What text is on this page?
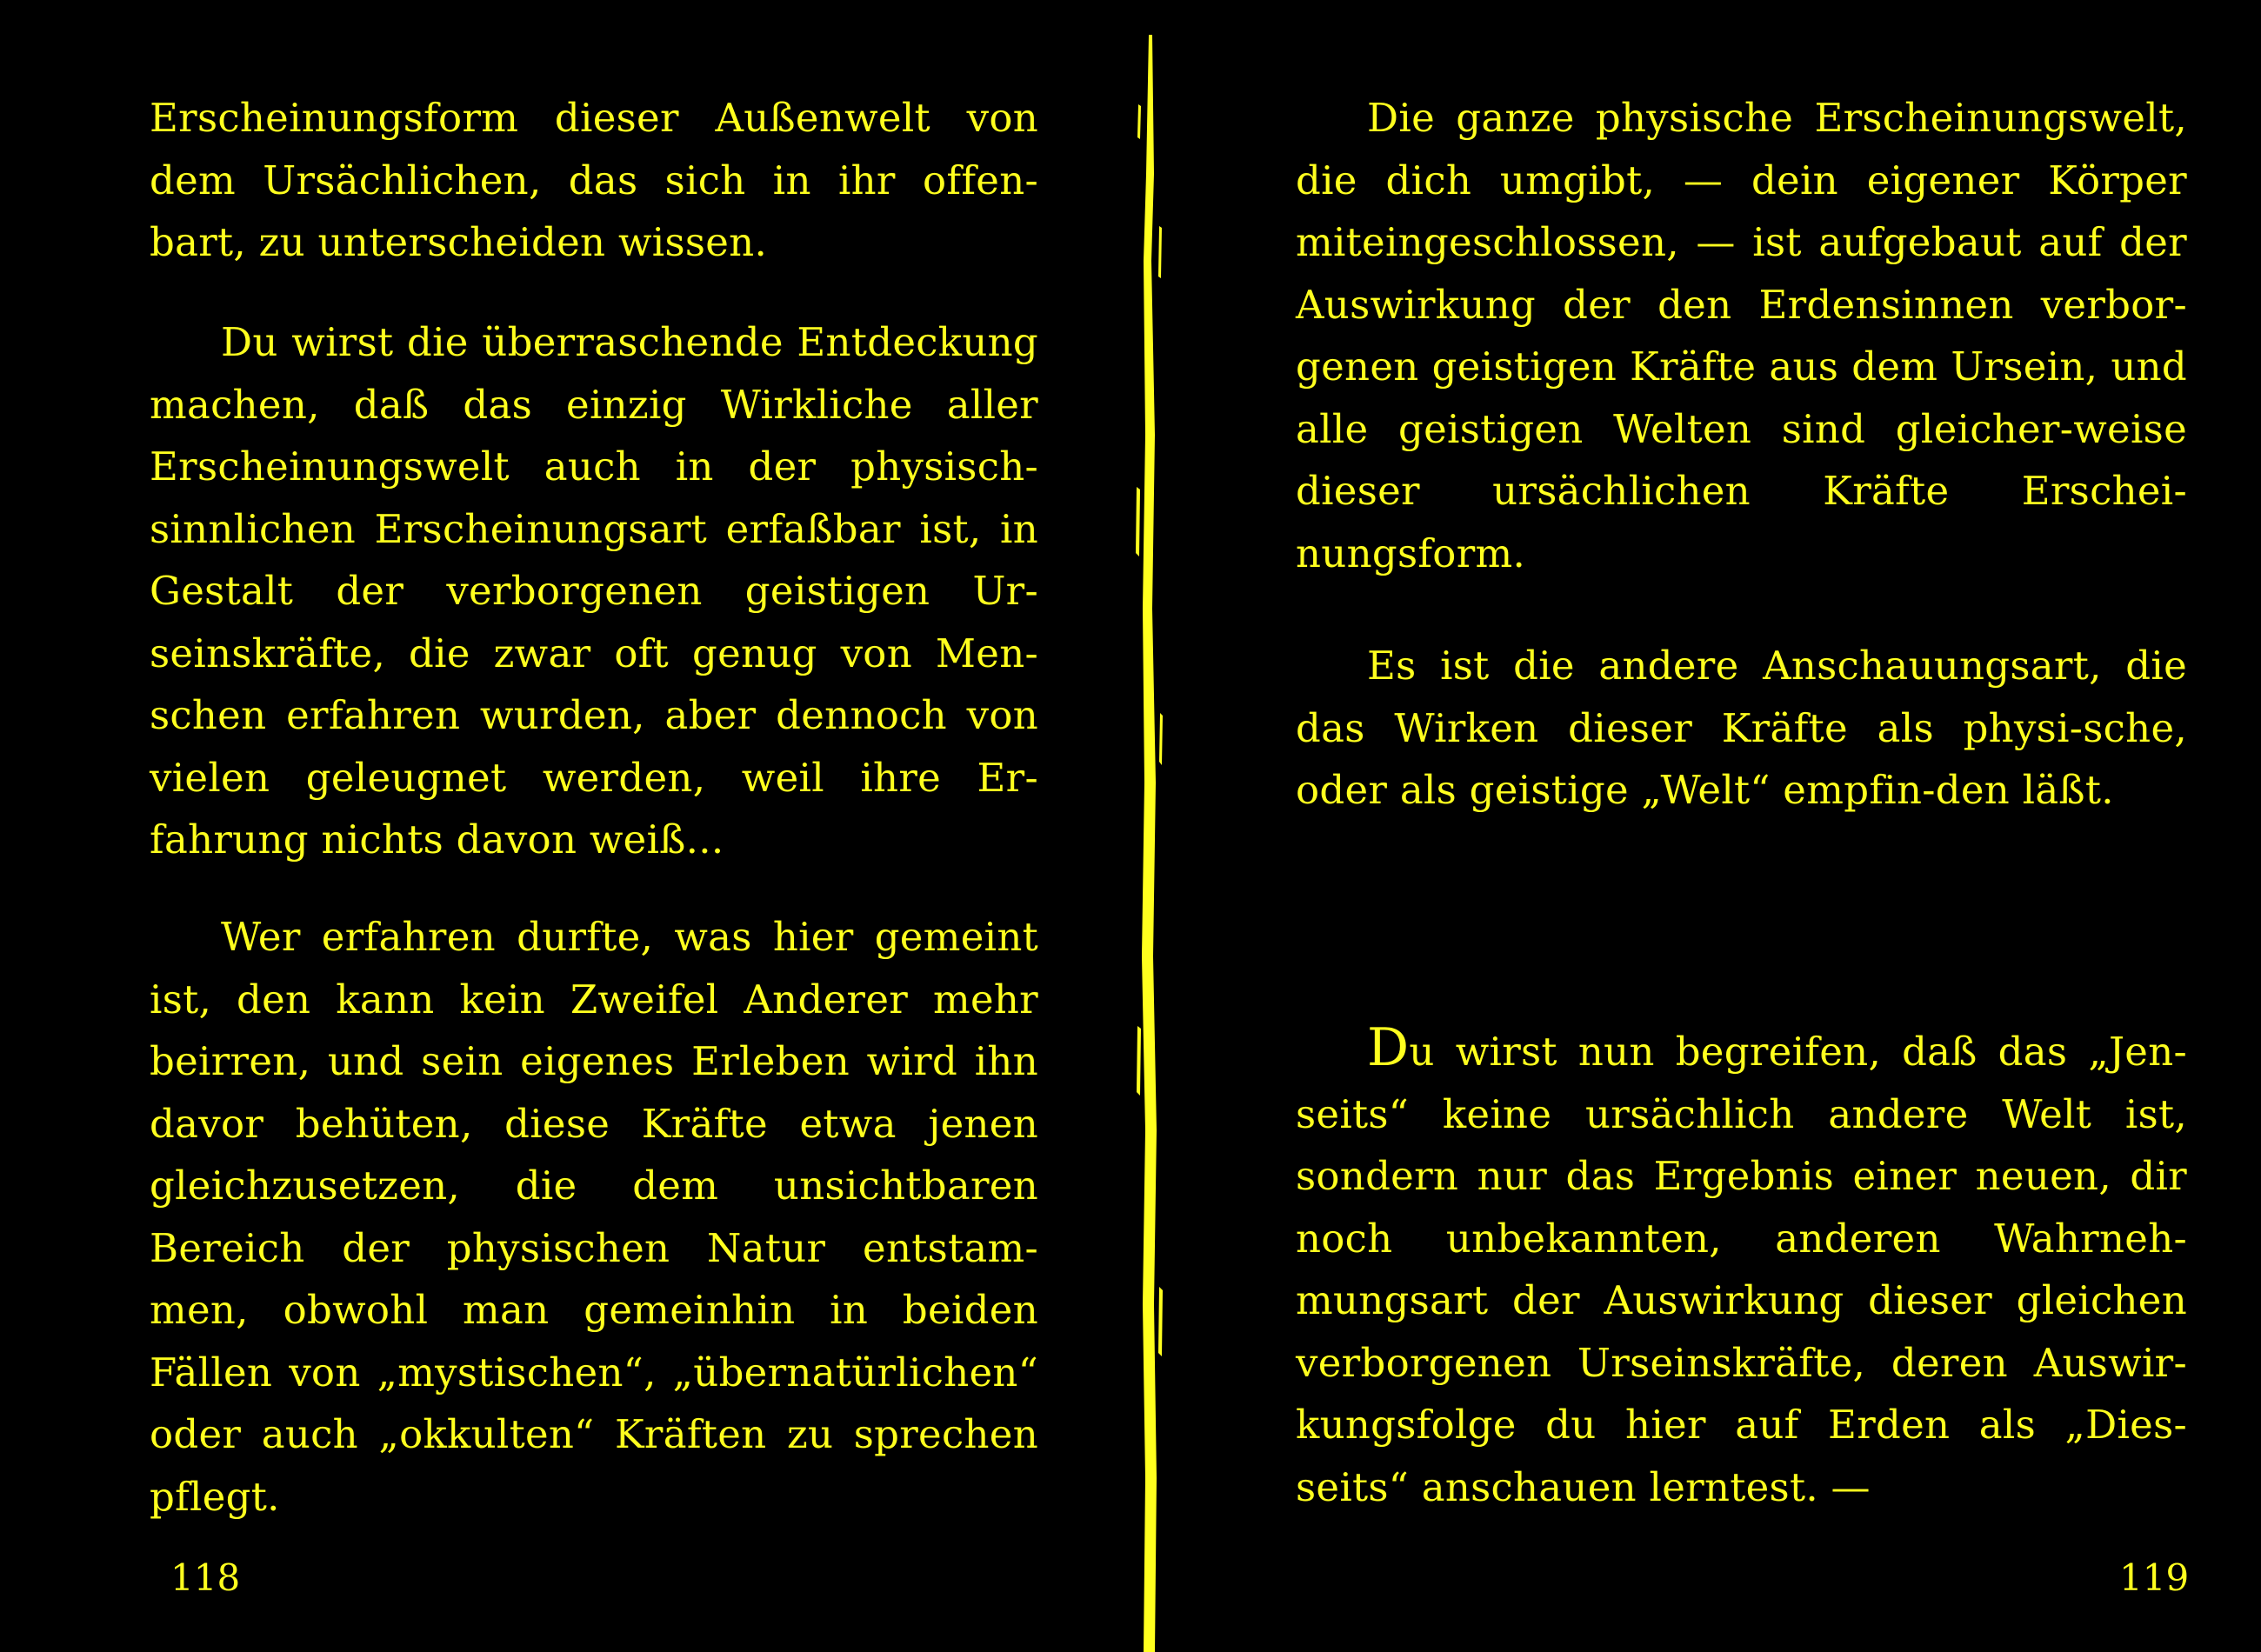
Erscheinungsform dieser Außenwelt von dem Ursächlichen, das sich in ihr offen-bart, zu unterscheiden wissen.

Du wirst die überraschende Entdeckung machen, daß das einzig Wirkliche aller Erscheinungswelt auch in der physisch-sinnlichen Erscheinungsart erfaßbar ist, in Gestalt der verborgenen geistigen Ur-seinskräfte, die zwar oft genug von Men-schen erfahren wurden, aber dennoch von vielen geleugnet werden, weil ihre Er-fahrung nichts davon weiß...

Wer erfahren durfte, was hier gemeint ist, den kann kein Zweifel Anderer mehr beirren, und sein eigenes Erleben wird ihn davor behüten, diese Kräfte etwa jenen gleichzusetzen, die dem unsichtbaren Bereich der physischen Natur entstam-men, obwohl man gemeinhin in beiden Fällen von „mystischen“, „übernatürlichen“ oder auch „okkulten“ Kräften zu sprechen pflegt.

118

Die ganze physische Erscheinungswelt, die dich umgibt, — dein eigener Körper miteingeschlossen, — ist aufgebaut auf der Auswirkung der den Erdensinnen verbor-genen geistigen Kräfte aus dem Ursein, und alle geistigen Welten sind gleicher-weise dieser ursächlichen Kräfte Erschei-nungsform.

Es ist die andere Anschauungsart, die das Wirken dieser Kräfte als physi-sche, oder als geistige „Welt“ empfin-den läßt.

Du wirst nun begreifen, daß das „Jen-seits“ keine ursächlich andere Welt ist, sondern nur das Ergebnis einer neuen, dir noch unbekannten, anderen Wahrneh-mungsart der Auswirkung dieser gleichen verborgenen Urseinskräfte, deren Auswir-kungsfolge du hier auf Erden als „Dies-seits“ anschauen lerntest. —

119
